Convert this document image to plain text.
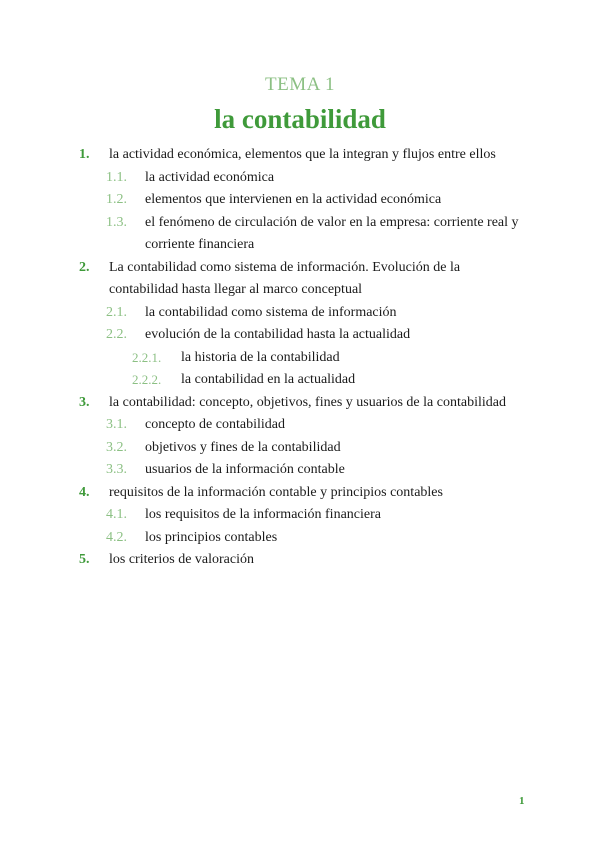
TEMA 1
la contabilidad
1. la actividad económica, elementos que la integran y flujos entre ellos
1.1. la actividad económica
1.2. elementos que intervienen en la actividad económica
1.3. el fenómeno de circulación de valor en la empresa: corriente real y corriente financiera
2. La contabilidad como sistema de información. Evolución de la contabilidad hasta llegar al marco conceptual
2.1. la contabilidad como sistema de información
2.2. evolución de la contabilidad hasta la actualidad
2.2.1. la historia de la contabilidad
2.2.2. la contabilidad en la actualidad
3. la contabilidad: concepto, objetivos, fines y usuarios de la contabilidad
3.1. concepto de contabilidad
3.2. objetivos y fines de la contabilidad
3.3. usuarios de la información contable
4. requisitos de la información contable y principios contables
4.1. los requisitos de la información financiera
4.2. los principios contables
5. los criterios de valoración
1
